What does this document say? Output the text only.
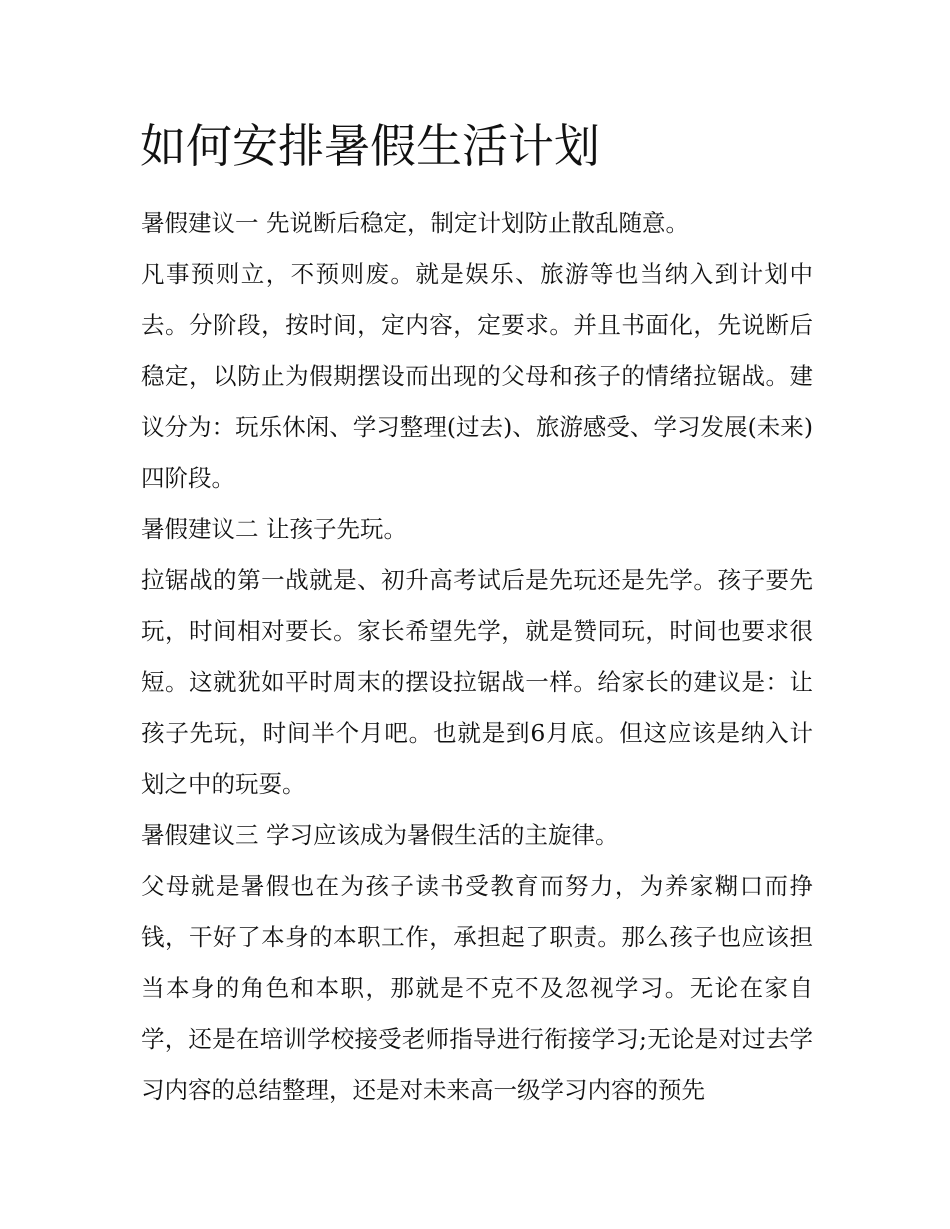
如何安排暑假生活计划

暑假建议一 先说断后稳定，制定计划防止散乱随意。

凡事预则立，不预则废。就是娱乐、旅游等也当纳入到计划中去。分阶段，按时间，定内容，定要求。并且书面化，先说断后稳定，以防止为假期摆设而出现的父母和孩子的情绪拉锯战。建议分为：玩乐休闲、学习整理(过去)、旅游感受、学习发展(未来)四阶段。

暑假建议二 让孩子先玩。

拉锯战的第一战就是、初升高考试后是先玩还是先学。孩子要先玩，时间相对要长。家长希望先学，就是赞同玩，时间也要求很短。这就犹如平时周末的摆设拉锯战一样。给家长的建议是：让孩子先玩，时间半个月吧。也就是到6月底。但这应该是纳入计划之中的玩耍。

暑假建议三 学习应该成为暑假生活的主旋律。

父母就是暑假也在为孩子读书受教育而努力，为养家糊口而挣钱，干好了本身的本职工作，承担起了职责。那么孩子也应该担当本身的角色和本职，那就是不克不及忽视学习。无论在家自学，还是在培训学校接受老师指导进行衔接学习;无论是对过去学习内容的总结整理，还是对未来高一级学习内容的预先
